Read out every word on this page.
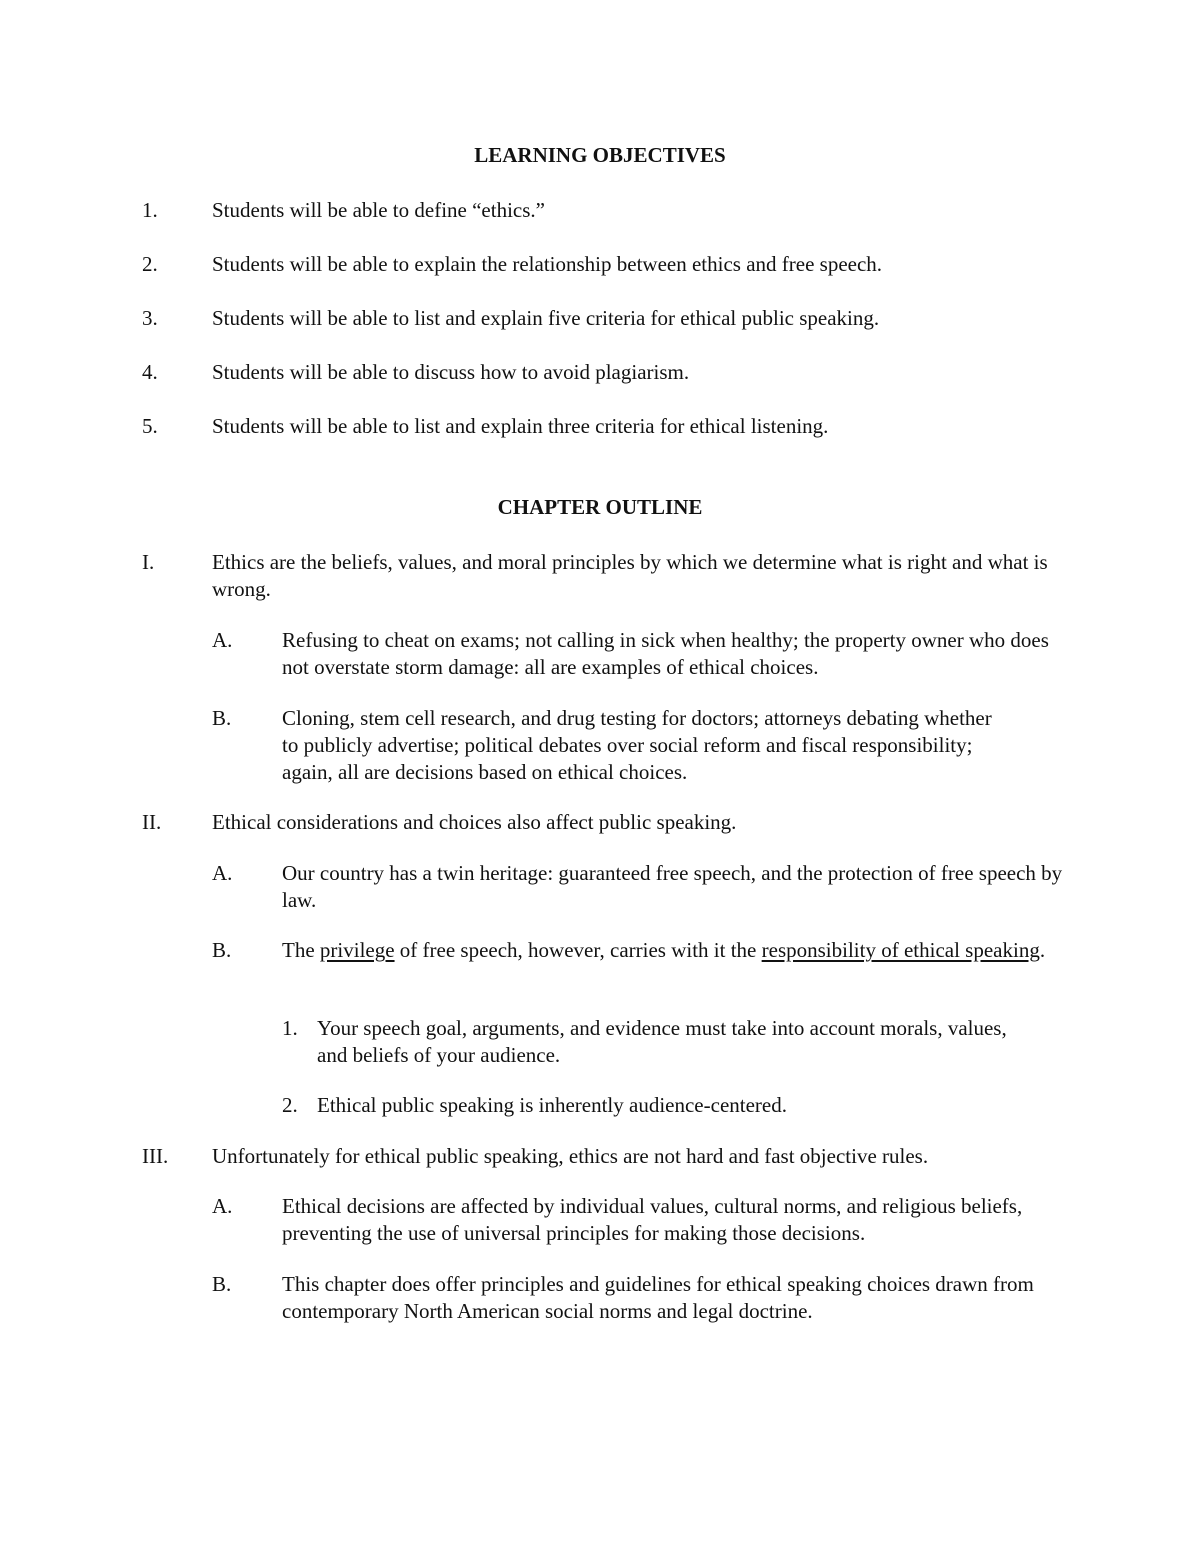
LEARNING OBJECTIVES
1.	Students will be able to define “ethics.”
2.	Students will be able to explain the relationship between ethics and free speech.
3.	Students will be able to list and explain five criteria for ethical public speaking.
4.	Students will be able to discuss how to avoid plagiarism.
5.	Students will be able to list and explain three criteria for ethical listening.
CHAPTER OUTLINE
I.	Ethics are the beliefs, values, and moral principles by which we determine what is right and what is wrong.
A. Refusing to cheat on exams; not calling in sick when healthy; the property owner who does not overstate storm damage: all are examples of ethical choices.
B. Cloning, stem cell research, and drug testing for doctors; attorneys debating whether to publicly advertise; political debates over social reform and fiscal responsibility; again, all are decisions based on ethical choices.
II. Ethical considerations and choices also affect public speaking.
A. Our country has a twin heritage: guaranteed free speech, and the protection of free speech by law.
B. The privilege of free speech, however, carries with it the responsibility of ethical speaking.
1. Your speech goal, arguments, and evidence must take into account morals, values, and beliefs of your audience.
2. Ethical public speaking is inherently audience-centered.
III. Unfortunately for ethical public speaking, ethics are not hard and fast objective rules.
A. Ethical decisions are affected by individual values, cultural norms, and religious beliefs, preventing the use of universal principles for making those decisions.
B. This chapter does offer principles and guidelines for ethical speaking choices drawn from contemporary North American social norms and legal doctrine.
